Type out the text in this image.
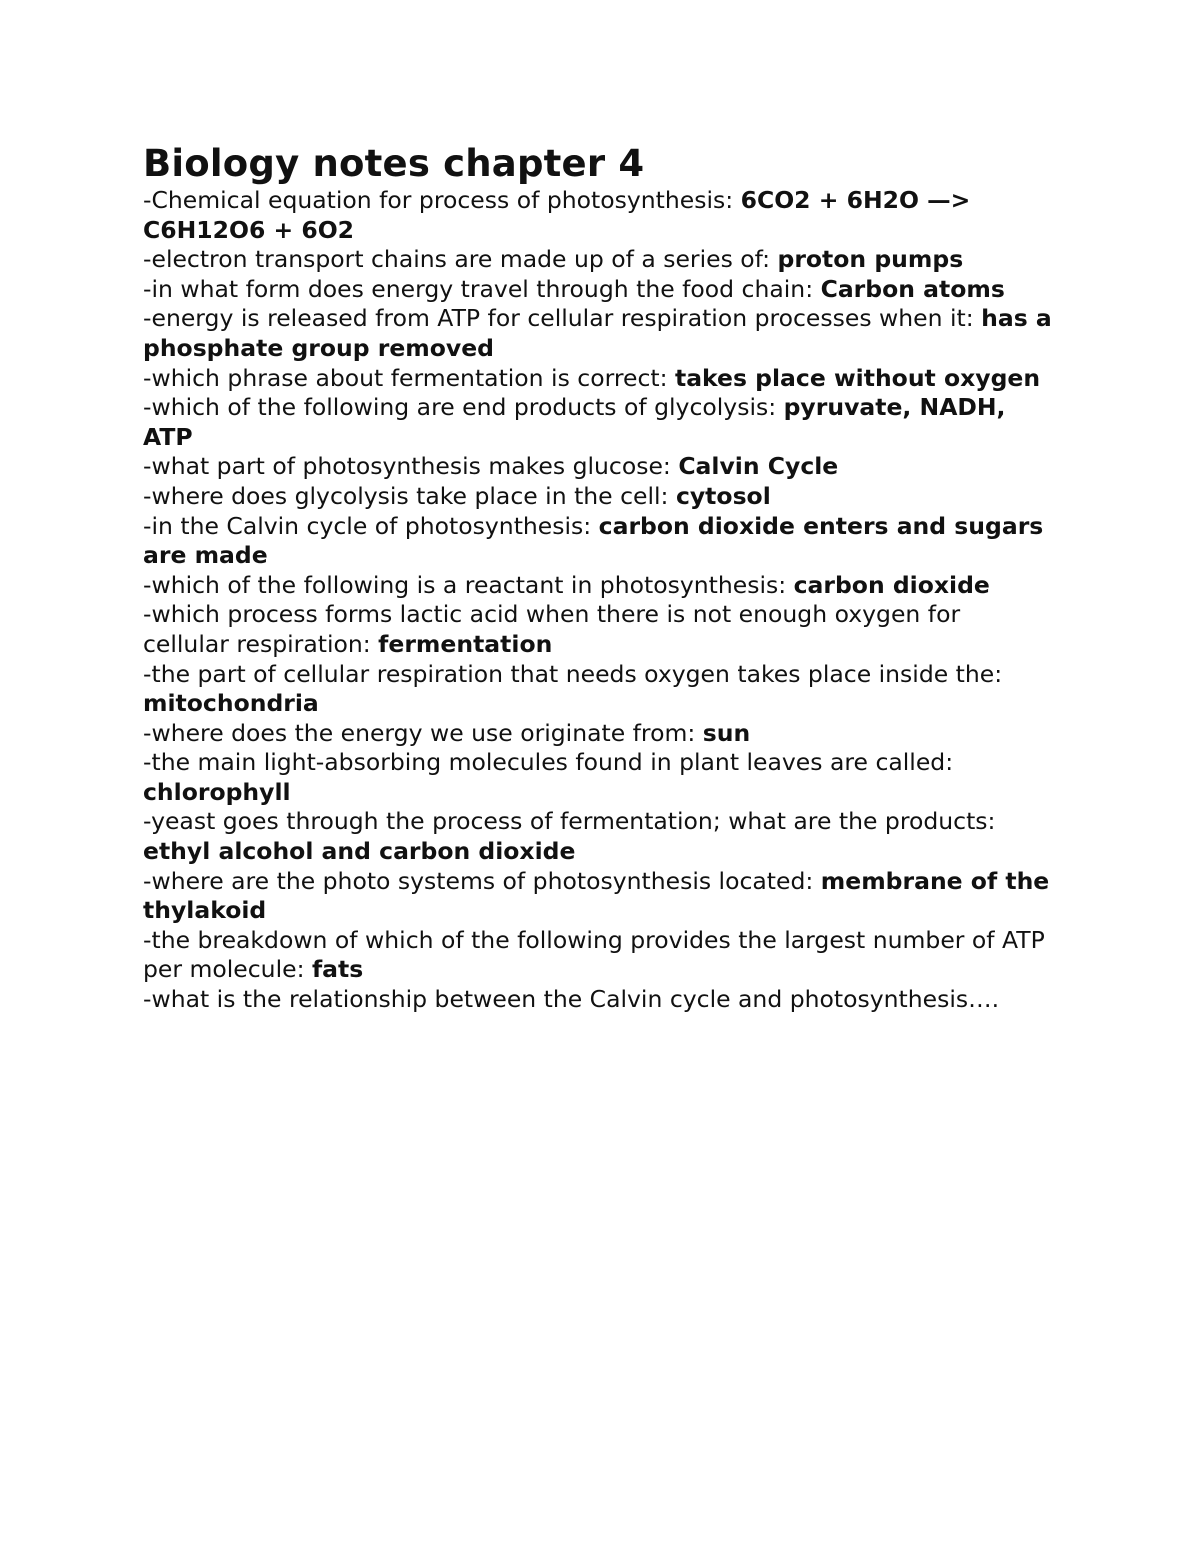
Biology notes chapter 4

-Chemical equation for process of photosynthesis: 6CO2 + 6H2O —> C6H12O6 + 6O2

-electron transport chains are made up of a series of: proton pumps

-in what form does energy travel through the food chain: Carbon atoms

-energy is released from ATP for cellular respiration processes when it: has a phosphate group removed

-which phrase about fermentation is correct: takes place without oxygen

-which of the following are end products of glycolysis: pyruvate, NADH, ATP

-what part of photosynthesis makes glucose: Calvin Cycle

-where does glycolysis take place in the cell: cytosol

-in the Calvin cycle of photosynthesis: carbon dioxide enters and sugars are made

-which of the following is a reactant in photosynthesis: carbon dioxide

-which process forms lactic acid when there is not enough oxygen for cellular respiration: fermentation

-the part of cellular respiration that needs oxygen takes place inside the: mitochondria

-where does the energy we use originate from: sun

-the main light-absorbing molecules found in plant leaves are called: chlorophyll

-yeast goes through the process of fermentation; what are the products: ethyl alcohol and carbon dioxide

-where are the photo systems of photosynthesis located: membrane of the thylakoid

-the breakdown of which of the following provides the largest number of ATP per molecule: fats

-what is the relationship between the Calvin cycle and photosynthesis….
